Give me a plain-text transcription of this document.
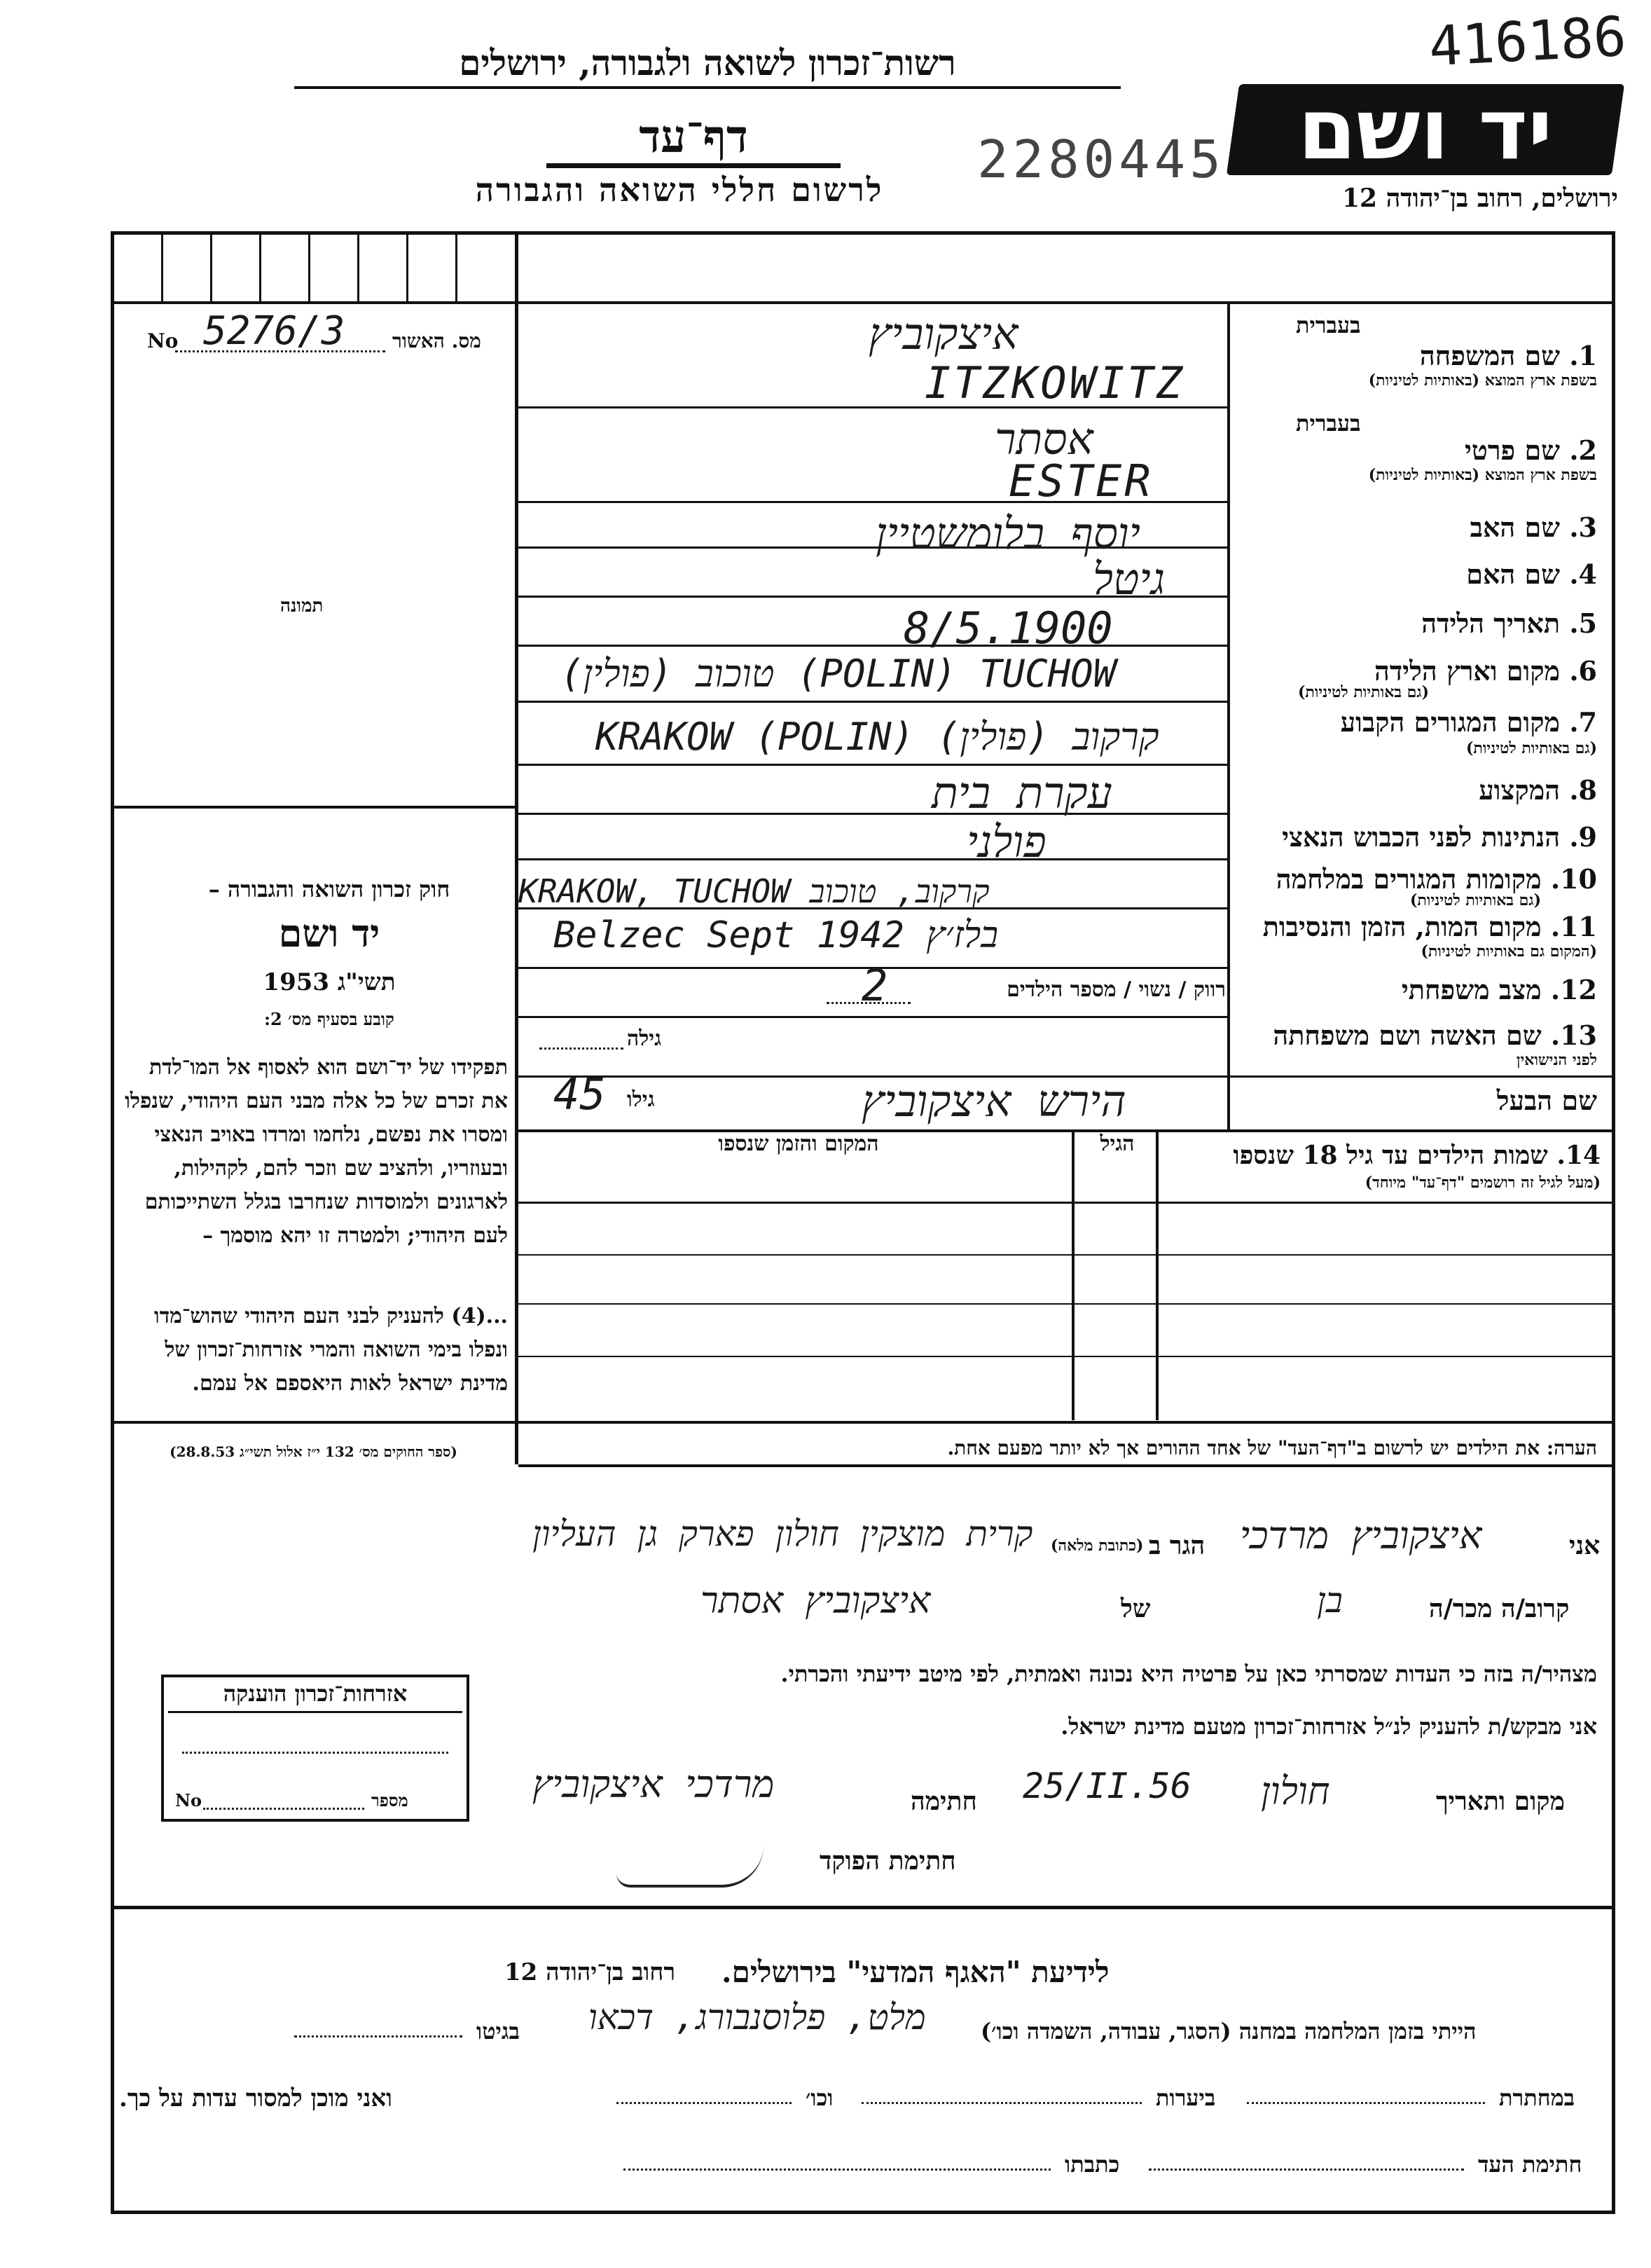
416186
רשות־זכרון לשואה ולגבורה, ירושלים
דף־עד
לרשום חללי השואה והגבורה	2280445 יד ושם
ירושלים, רחוב בן־יהודה 12
מס. האשור
No 5276/3
תמונה
חוק זכרון השואה והגבורה –
יד ושם
תשי"ג 1953
קובע בסעיף מס׳ 2:
תפקידו של יד־ושם הוא לאסוף אל המו־לדת את זכרם של כל אלה מבני העם היהודי, שנפלו ומסרו את נפשם, נלחמו ומרדו באויב הנאצי ובעוזריו, ולהציב שם וזכר להם, לקהילות, לארגונים ולמוסדות שנחרבו בגלל השתייכותם לעם היהודי; ולמטרה זו יהא מוסמך –
...(4) להעניק לבני העם היהודי שהוש־מדו ונפלו בימי השואה והמרי אזרחות־זכרון של מדינת ישראל לאות היאספם אל עמם.
(ספר החוקים מס׳ 132 י״ז אלול תשי״ג 28.8.53)
אזרחות־זכרון הוענקה
מספר
No
בעברית
1. שם המשפחה
בשפת ארץ המוצא (באותיות לטיניות)
איצקוביץ
ITZKOWITZ
בעברית
2. שם פרטי
בשפת ארץ המוצא (באותיות לטיניות)
אסתר
ESTER
3. שם האב
יוסף בלומשטיין
4. שם האם
גיטל
5. תאריך הלידה
8/5.1900
6. מקום וארץ הלידה
(גם באותיות לטיניות)
טוכוב (פולין) (POLIN) TUCHOW
7. מקום המגורים הקבוע
(גם באותיות לטיניות)
KRAKOW (POLIN) קרקוב (פולין)
8. המקצוע
עקרת בית
9. הנתינות לפני הכבוש הנאצי
פולני
10. מקומות המגורים במלחמה
(גם באותיות לטיניות)
KRAKOW, TUCHOW קרקוב, טוכוב
11. מקום המות, הזמן והנסיבות
(המקום גם באותיות לטיניות)
Belzec Sept 1942 בלז׳ץ
12. מצב משפחתי
רווק / נשוי / מספר הילדים
2
13. שם האשה ושם משפחתה
לפני הנישואין
גילה
שם הבעל
הירש איצקוביץ
גילו
45
14. שמות הילדים עד גיל 18 שנספו
(מעל לגיל זה רושמים "דף־עד" מיוחד)
הגיל
המקום והזמן שנספו
הערה: את הילדים יש לרשום ב"דף־העד" של אחד ההורים אך לא יותר מפעם אחת.
אני
איצקוביץ מרדכי
הגר ב
(כתובת מלאה)
קרית מוצקין חולון פארק גן העליון
קרוב/ה מכר/ה
בן
של
איצקוביץ אסתר
מצהיר/ה בזה כי העדות שמסרתי כאן על פרטיה היא נכונה ואמתית, לפי מיטב ידיעתי והכרתי.
אני מבקש/ת להעניק לנ״ל אזרחות־זכרון מטעם מדינת ישראל.
מקום ותאריך
חולון
25/II.56
חתימה
מרדכי איצקוביץ
חתימת הפוקד
לידיעת "האגף המדעי" בירושלים.
רחוב בן־יהודה 12
הייתי בזמן המלחמה במחנה (הסגר, עבודה, השמדה וכו׳)
מלט, פלוסנבורג, דכאו
בגיטו
במחתרת
ביערות
וכו׳
ואני מוכן למסור עדות על כך.
חתימת העד
כתבתו
